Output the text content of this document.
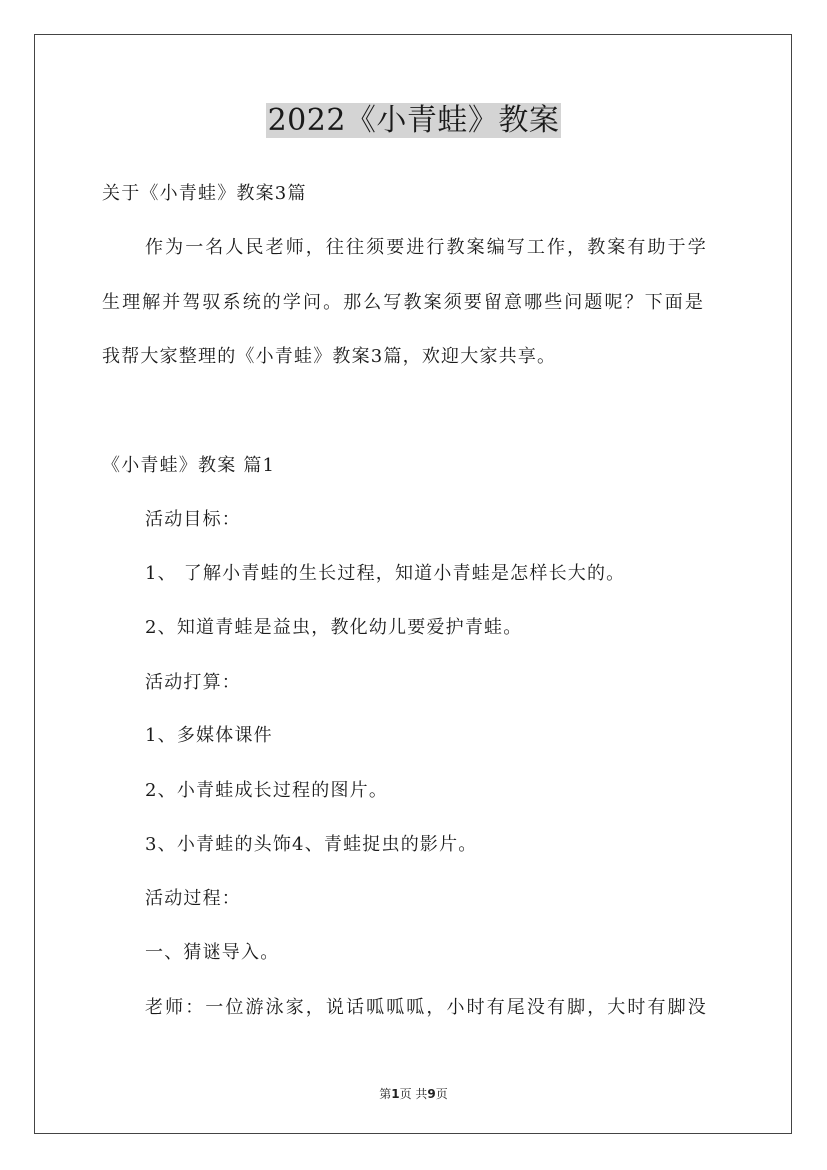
2022《小青蛙》教案
关于《小青蛙》教案3篇
作为一名人民老师，往往须要进行教案编写工作，教案有助于学
生理解并驾驭系统的学问。那么写教案须要留意哪些问题呢？下面是
我帮大家整理的《小青蛙》教案3篇，欢迎大家共享。
《小青蛙》教案 篇1
活动目标：
1、 了解小青蛙的生长过程，知道小青蛙是怎样长大的。
2、知道青蛙是益虫，教化幼儿要爱护青蛙。
活动打算：
1、多媒体课件
2、小青蛙成长过程的图片。
3、小青蛙的头饰4、青蛙捉虫的影片。
活动过程：
一、猜谜导入。
老师：一位游泳家，说话呱呱呱，小时有尾没有脚，大时有脚没
第1页 共9页
